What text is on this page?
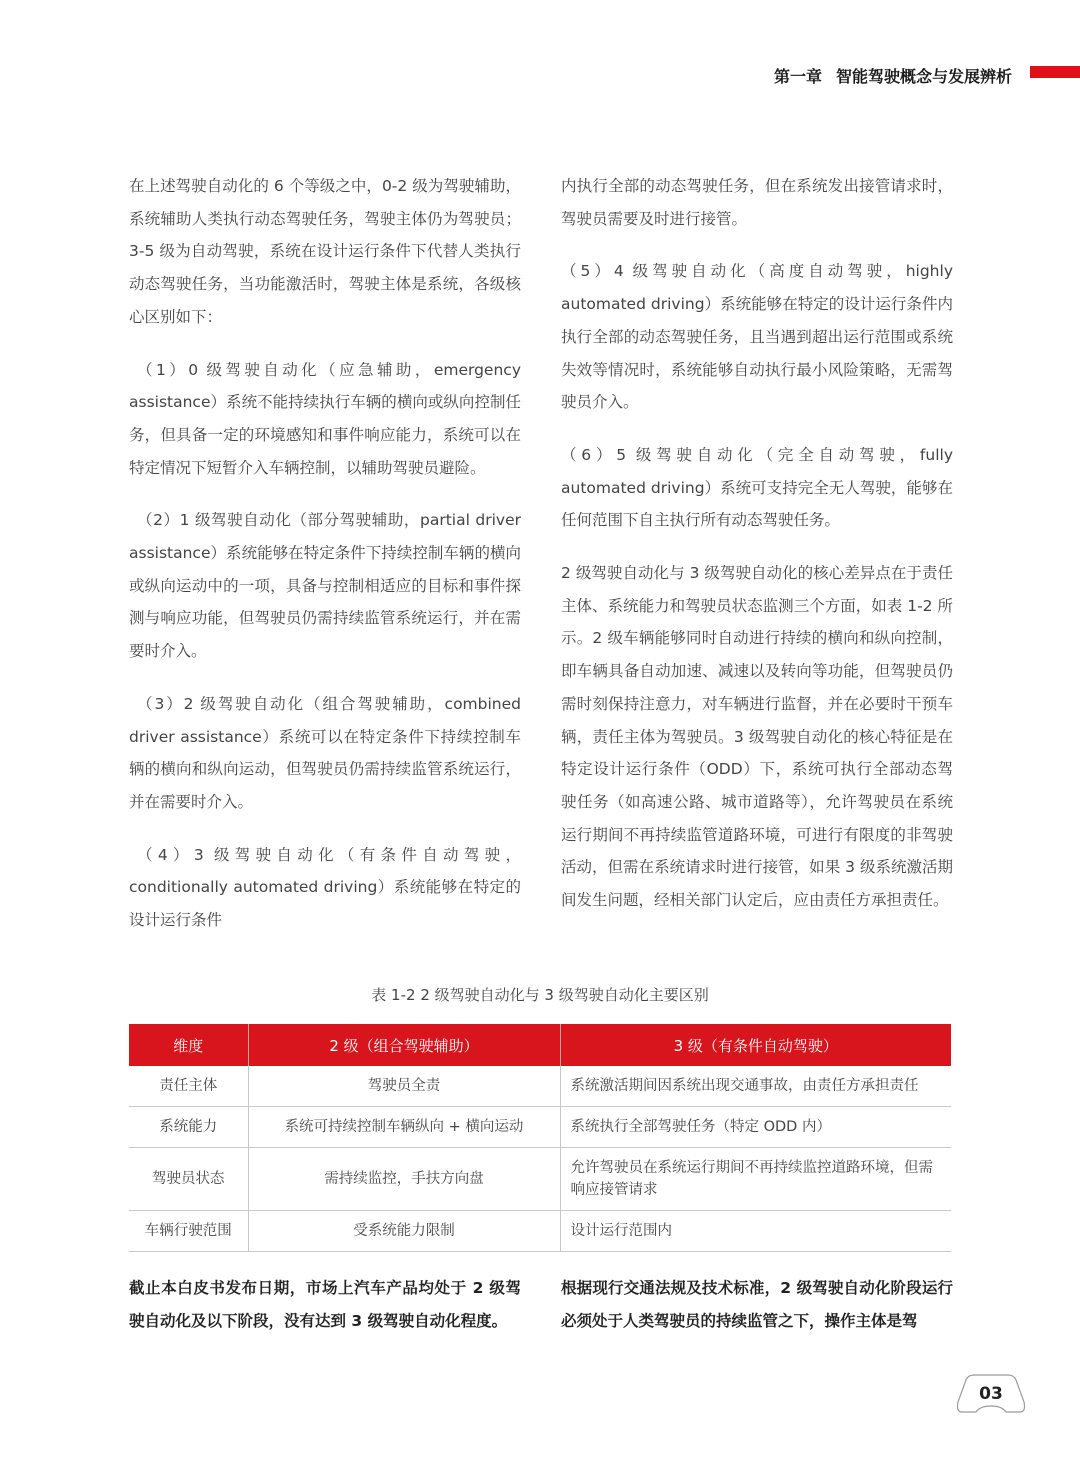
第一章 智能驾驶概念与发展辨析

在上述驾驶自动化的 6 个等级之中，0-2 级为驾驶辅助，系统辅助人类执行动态驾驶任务，驾驶主体仍为驾驶员；3-5 级为自动驾驶，系统在设计运行条件下代替人类执行动态驾驶任务，当功能激活时，驾驶主体是系统，各级核心区别如下：

（1）0 级驾驶自动化（应急辅助，emergency assistance）系统不能持续执行车辆的横向或纵向控制任务，但具备一定的环境感知和事件响应能力，系统可以在特定情况下短暂介入车辆控制，以辅助驾驶员避险。

（2）1 级驾驶自动化（部分驾驶辅助，partial driver assistance）系统能够在特定条件下持续控制车辆的横向或纵向运动中的一项，具备与控制相适应的目标和事件探测与响应功能，但驾驶员仍需持续监管系统运行，并在需要时介入。

（3）2 级驾驶自动化（组合驾驶辅助，combined driver assistance）系统可以在特定条件下持续控制车辆的横向和纵向运动，但驾驶员仍需持续监管系统运行，并在需要时介入。

（4）3 级驾驶自动化（有条件自动驾驶，conditionally automated driving）系统能够在特定的设计运行条件

内执行全部的动态驾驶任务，但在系统发出接管请求时，驾驶员需要及时进行接管。

（5）4 级驾驶自动化（高度自动驾驶，highly automated driving）系统能够在特定的设计运行条件内执行全部的动态驾驶任务，且当遇到超出运行范围或系统失效等情况时，系统能够自动执行最小风险策略，无需驾驶员介入。

（6）5 级驾驶自动化（完全自动驾驶，fully automated driving）系统可支持完全无人驾驶，能够在任何范围下自主执行所有动态驾驶任务。

2 级驾驶自动化与 3 级驾驶自动化的核心差异点在于责任主体、系统能力和驾驶员状态监测三个方面，如表 1-2 所示。2 级车辆能够同时自动进行持续的横向和纵向控制，即车辆具备自动加速、减速以及转向等功能，但驾驶员仍需时刻保持注意力，对车辆进行监督，并在必要时干预车辆，责任主体为驾驶员。3 级驾驶自动化的核心特征是在特定设计运行条件（ODD）下，系统可执行全部动态驾驶任务（如高速公路、城市道路等），允许驾驶员在系统运行期间不再持续监管道路环境，可进行有限度的非驾驶活动，但需在系统请求时进行接管，如果 3 级系统激活期间发生问题，经相关部门认定后，应由责任方承担责任。

表 1-2 2 级驾驶自动化与 3 级驾驶自动化主要区别
维度	2 级（组合驾驶辅助）	3 级（有条件自动驾驶）
责任主体	驾驶员全责	系统激活期间因系统出现交通事故，由责任方承担责任
系统能力	系统可持续控制车辆纵向 + 横向运动	系统执行全部驾驶任务（特定 ODD 内）
驾驶员状态	需持续监控，手扶方向盘	允许驾驶员在系统运行期间不再持续监控道路环境，但需响应接管请求
车辆行驶范围	受系统能力限制	设计运行范围内
截止本白皮书发布日期，市场上汽车产品均处于 2 级驾驶自动化及以下阶段，没有达到 3 级驾驶自动化程度。
根据现行交通法规及技术标准，2 级驾驶自动化阶段运行必须处于人类驾驶员的持续监管之下，操作主体是驾
03
